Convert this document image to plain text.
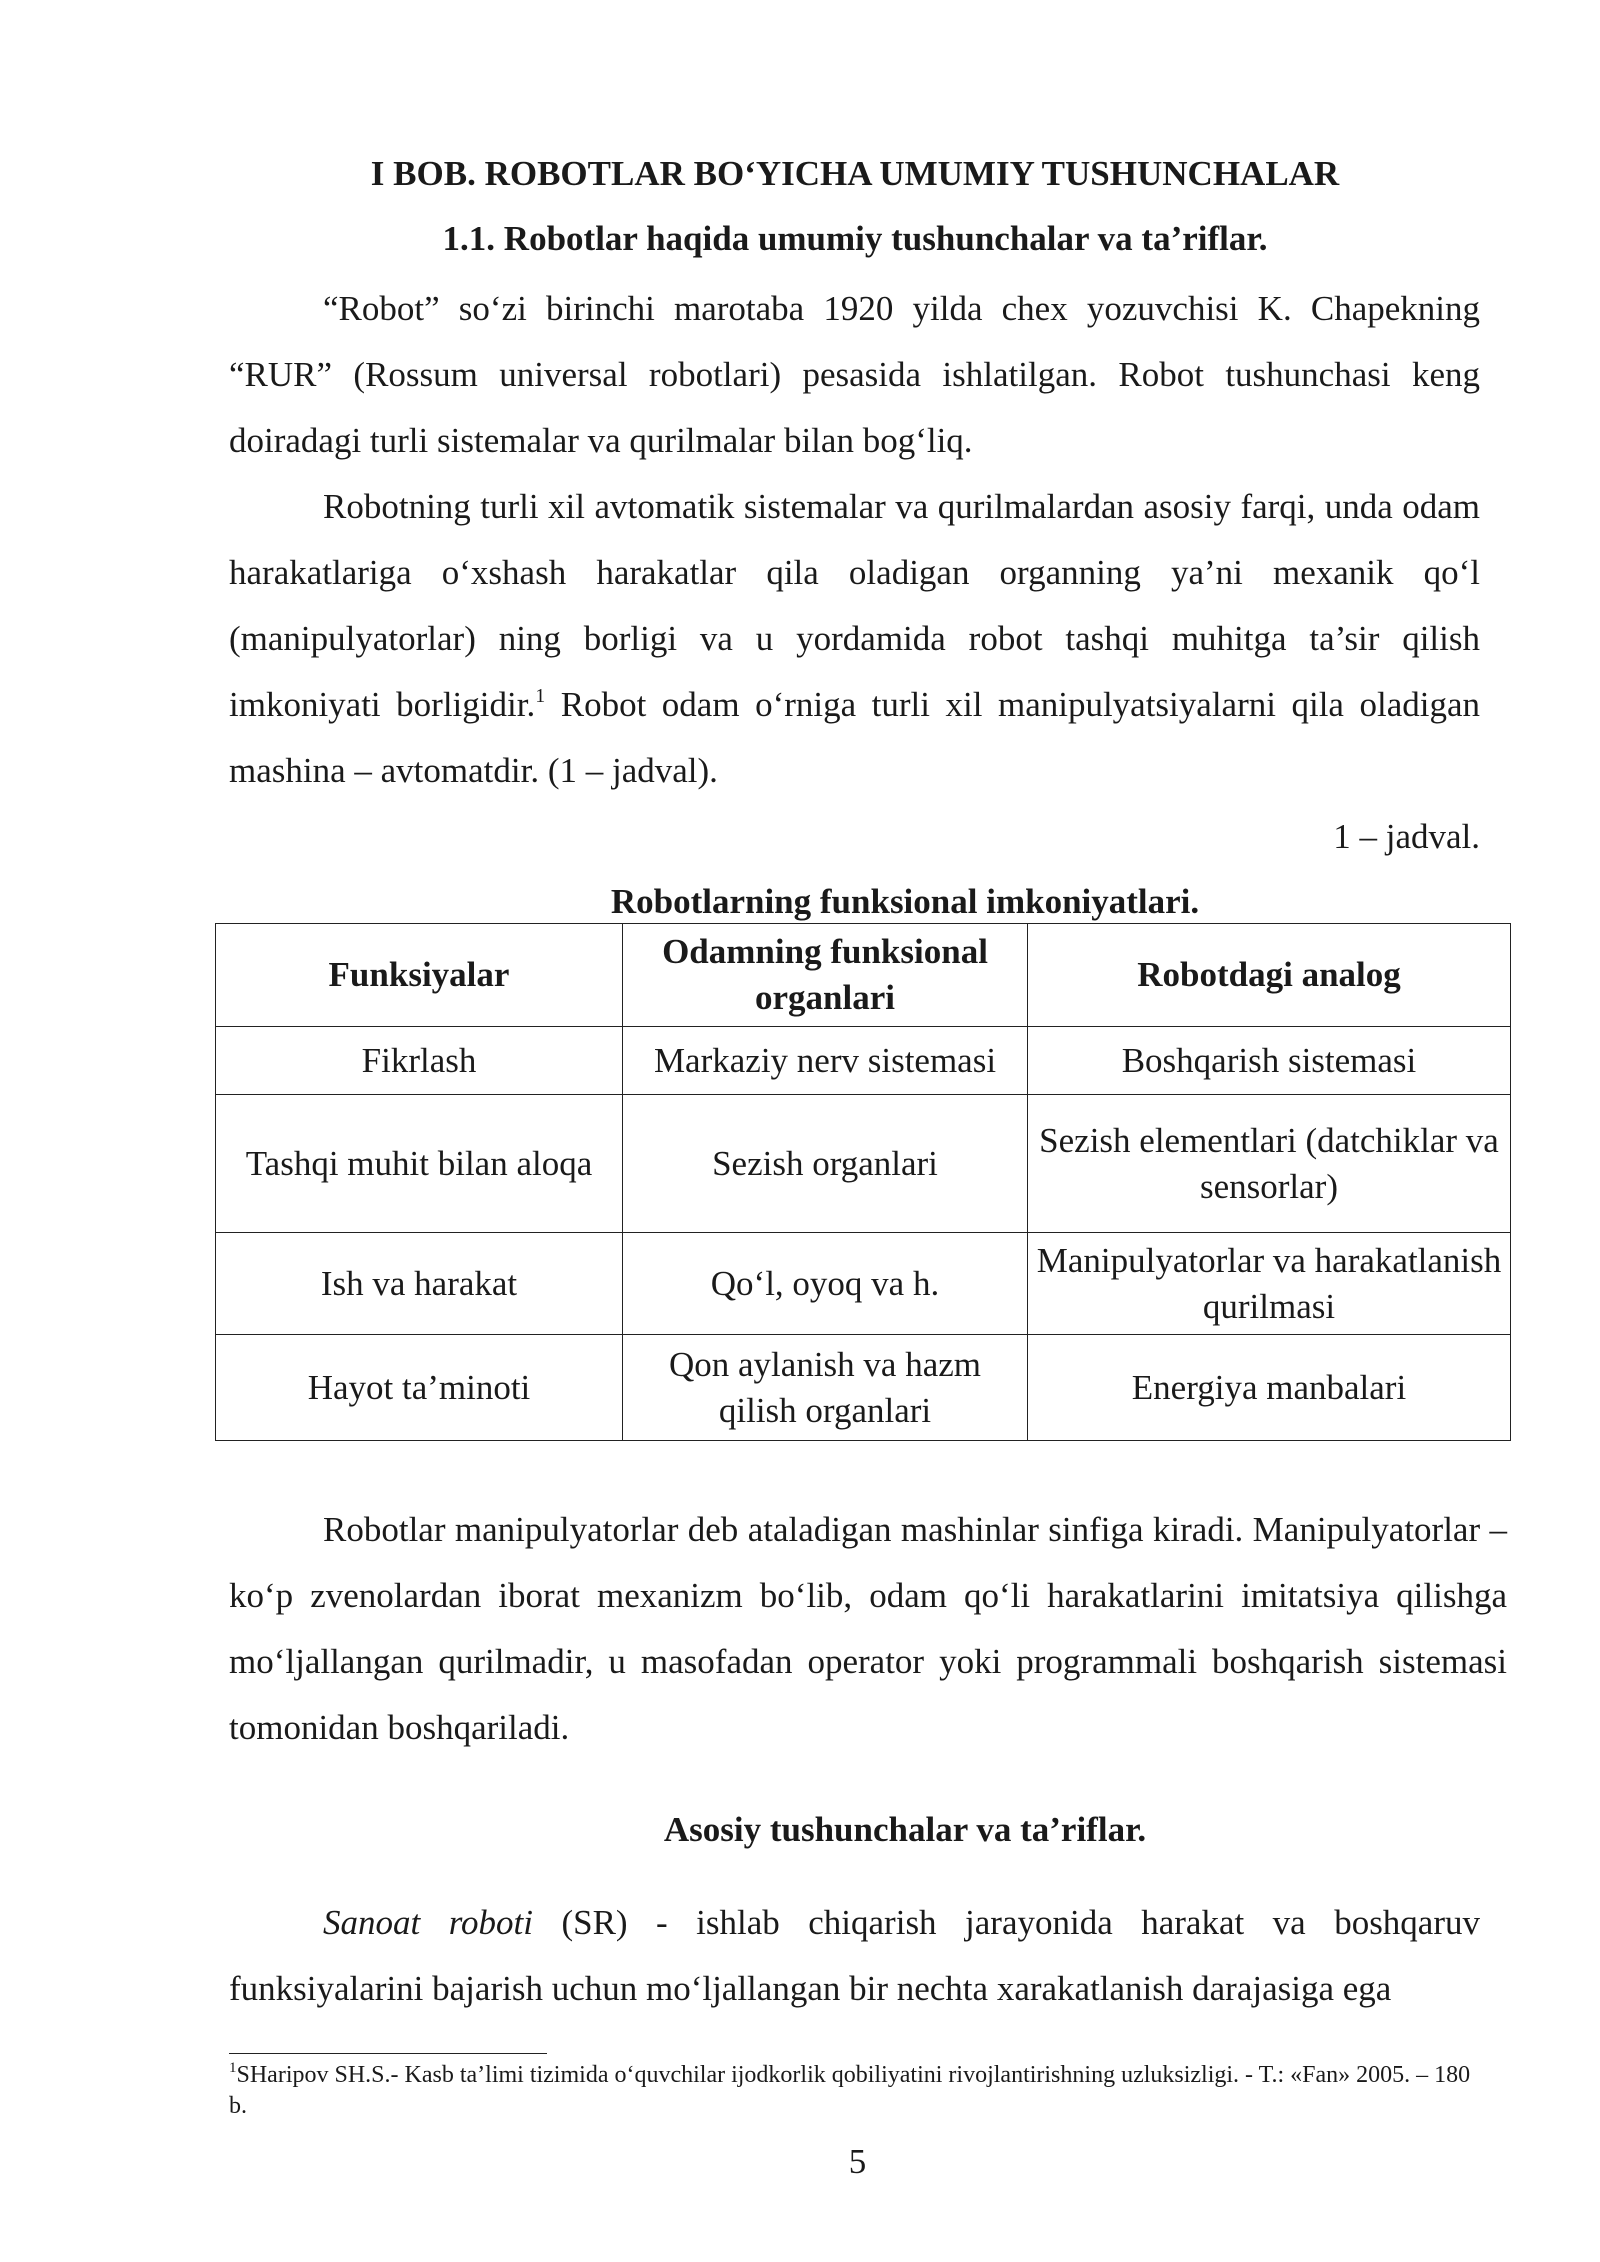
I BOB. ROBOTLAR BO‘YICHA UMUMIY TUSHUNCHALAR
1.1. Robotlar haqida umumiy tushunchalar va ta’riflar.

“Robot” so‘zi birinchi marotaba 1920 yilda chex yozuvchisi K. Chapekning “RUR” (Rossum universal robotlari) pesasida ishlatilgan. Robot tushunchasi keng doiradagi turli sistemalar va qurilmalar bilan bog‘liq.

Robotning turli xil avtomatik sistemalar va qurilmalardan asosiy farqi, unda odam harakatlariga o‘xshash harakatlar qila oladigan organning ya’ni mexanik qo‘l (manipulyatorlar) ning borligi va u yordamida robot tashqi muhitga ta’sir qilish imkoniyati borligidir.$^1$ Robot odam o‘rniga turli xil manipulyatsiyalarni qila oladigan mashina – avtomatdir. (1 – jadval).

1 – jadval.
Robotlarning funksional imkoniyatlari.
Funksiyalar	Odamning funksional organlari	Robotdagi analog
Fikrlash	Markaziy nerv sistemasi	Boshqarish sistemasi
Tashqi muhit bilan aloqa	Sezish organlari	Sezish elementlari (datchiklar va sensorlar)
Ish va harakat	Qo‘l, oyoq va h.	Manipulyatorlar va harakatlanish qurilmasi
Hayot ta’minoti	Qon aylanish va hazm qilish organlari	Energiya manbalari

Robotlar manipulyatorlar deb ataladigan mashinlar sinfiga kiradi. Manipulyatorlar – ko‘p zvenolardan iborat mexanizm bo‘lib, odam qo‘li harakatlarini imitatsiya qilishga mo‘ljallangan qurilmadir, u masofadan operator yoki programmali boshqarish sistemasi tomonidan boshqariladi.

Asosiy tushunchalar va ta’riflar.

Sanoat roboti (SR) - ishlab chiqarish jarayonida harakat va boshqaruv funksiyalarini bajarish uchun mo‘ljallangan bir nechta xarakatlanish darajasiga ega

$^1$SHaripov SH.S.- Kasb ta’limi tizimida o‘quvchilar ijodkorlik qobiliyatini rivojlantirishning uzluksizligi. - T.: «Fan» 2005. – 180 b.

5
